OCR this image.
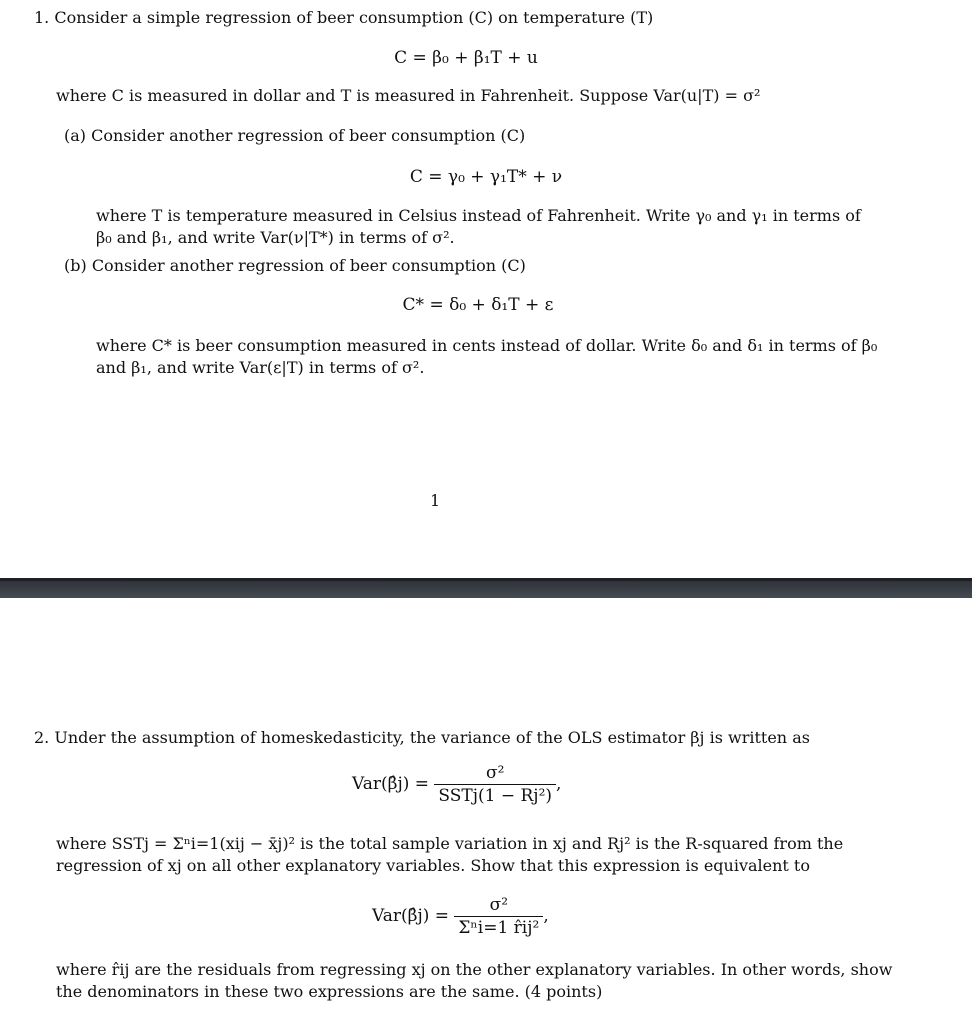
1. Consider a simple regression of beer consumption (C) on temperature (T)
C = β₀ + β₁T + u
where C is measured in dollar and T is measured in Fahrenheit. Suppose Var(u|T) = σ²
(a) Consider another regression of beer consumption (C)
C = γ₀ + γ₁T* + ν
where T is temperature measured in Celsius instead of Fahrenheit. Write γ₀ and γ₁ in terms of
β₀ and β₁, and write Var(ν|T*) in terms of σ².
(b) Consider another regression of beer consumption (C)
C* = δ₀ + δ₁T + ε
where C* is beer consumption measured in cents instead of dollar. Write δ₀ and δ₁ in terms of β₀
and β₁, and write Var(ε|T) in terms of σ².
1
2. Under the assumption of homeskedasticity, the variance of the OLS estimator βj is written as
Var(β̂j) = $\frac{\text{σ²}}{\text{SSTj(1 − Rj²)}}$ ,
where SSTj = Σⁿi=1(xij − x̄j)² is the total sample variation in xj and Rj² is the R-squared from the
regression of xj on all other explanatory variables. Show that this expression is equivalent to
Var(β̂j) = $\frac{\text{σ²}}{\text{Σⁿi=1 r̂ij²}}$ ,
where r̂ij are the residuals from regressing xj on the other explanatory variables. In other words, show
the denominators in these two expressions are the same. (4 points)
